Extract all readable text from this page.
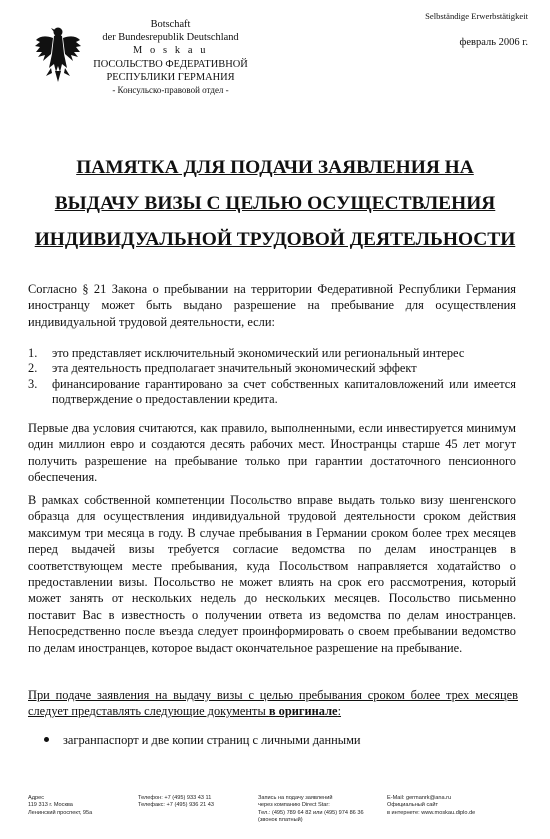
Botschaft
der Bundesrepublik Deutschland
M o s k a u
ПОСОЛЬСТВО ФЕДЕРАТИВНОЙ
РЕСПУБЛИКИ ГЕРМАНИЯ
- Консульско-правовой отдел -
Selbständige Erwerbstätigkeit
февраль 2006 г.
ПАМЯТКА ДЛЯ ПОДАЧИ ЗАЯВЛЕНИЯ НА
ВЫДАЧУ ВИЗЫ С ЦЕЛЬЮ ОСУЩЕСТВЛЕНИЯ
ИНДИВИДУАЛЬНОЙ ТРУДОВОЙ ДЕЯТЕЛЬНОСТИ
Согласно § 21 Закона о пребывании на территории Федеративной Республики Германия иностранцу может быть выдано разрешение на пребывание для осуществления индивидуальной трудовой деятельности, если:
1. это представляет исключительный экономический или региональный интерес
2. эта деятельность предполагает значительный экономический эффект
3. финансирование гарантировано за счет собственных капиталовложений или имеется подтверждение о предоставлении кредита.
Первые два условия считаются, как правило, выполненными, если инвестируется минимум один миллион евро и создаются десять рабочих мест. Иностранцы старше 45 лет могут получить разрешение на пребывание только при гарантии достаточного пенсионного обеспечения.
В рамках собственной компетенции Посольство вправе выдать только визу шенгенского образца для осуществления индивидуальной трудовой деятельности сроком действия максимум три месяца в году. В случае пребывания в Германии сроком более трех месяцев перед выдачей визы требуется согласие ведомства по делам иностранцев в соответствующем месте пребывания, куда Посольством направляется ходатайство о предоставлении визы. Посольство не может влиять на срок его рассмотрения, который может занять от нескольких недель до нескольких месяцев. Посольство письменно поставит Вас в известность о получении ответа из ведомства по делам иностранцев. Непосредственно после въезда следует проинформировать о своем пребывании ведомство по делам иностранцев, которое выдаст окончательное разрешение на пребывание.
При подаче заявления на выдачу визы с целью пребывания сроком более трех месяцев следует представлять следующие документы в оригинале:
загранпаспорт и две копии страниц с личными данными
Адрес
119 313 г. Москва
Ленинский проспект, 95а
Телефон: +7 (495) 933 43 11
Телефакс: +7 (495) 936 21 43
Запись на подачу заявлений
через компанию Direct Star:
Тел.: (495) 789 64 82 или (495) 974 86 36
(звонок платный)
E-Mail: germanrk@ana.ru
Официальный сайт
в интернете: www.moskau.diplo.de
